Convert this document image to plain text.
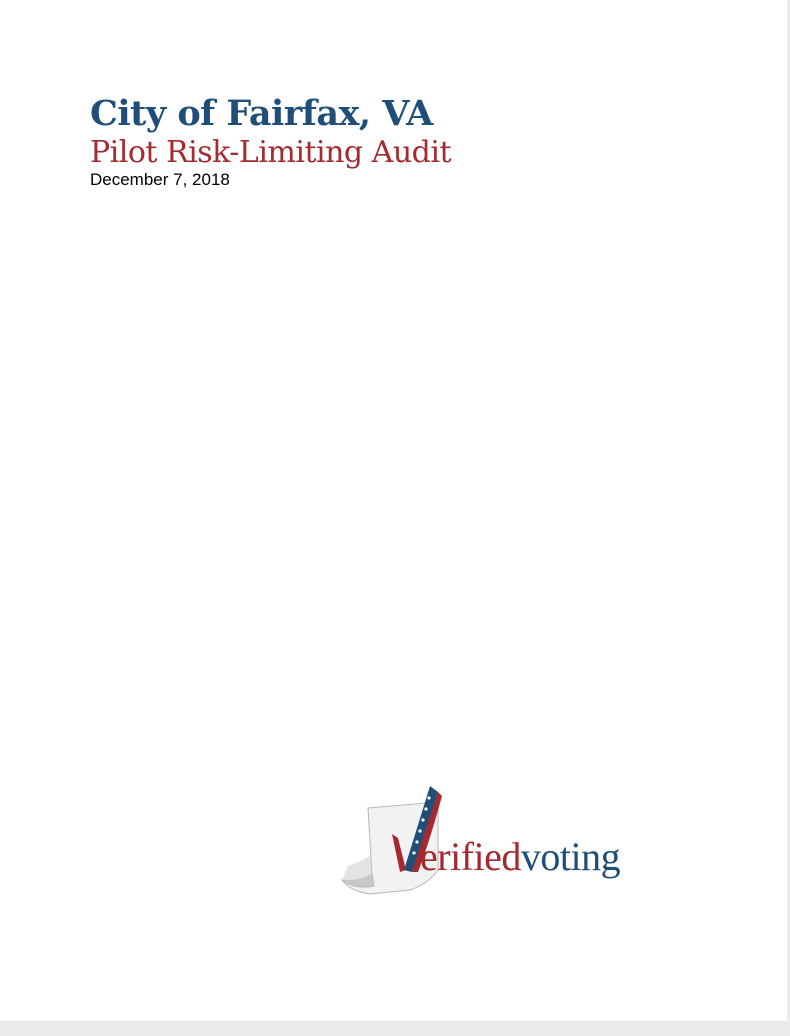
City of Fairfax, VA
Pilot Risk-Limiting Audit
December 7, 2018
erifiedvoting
